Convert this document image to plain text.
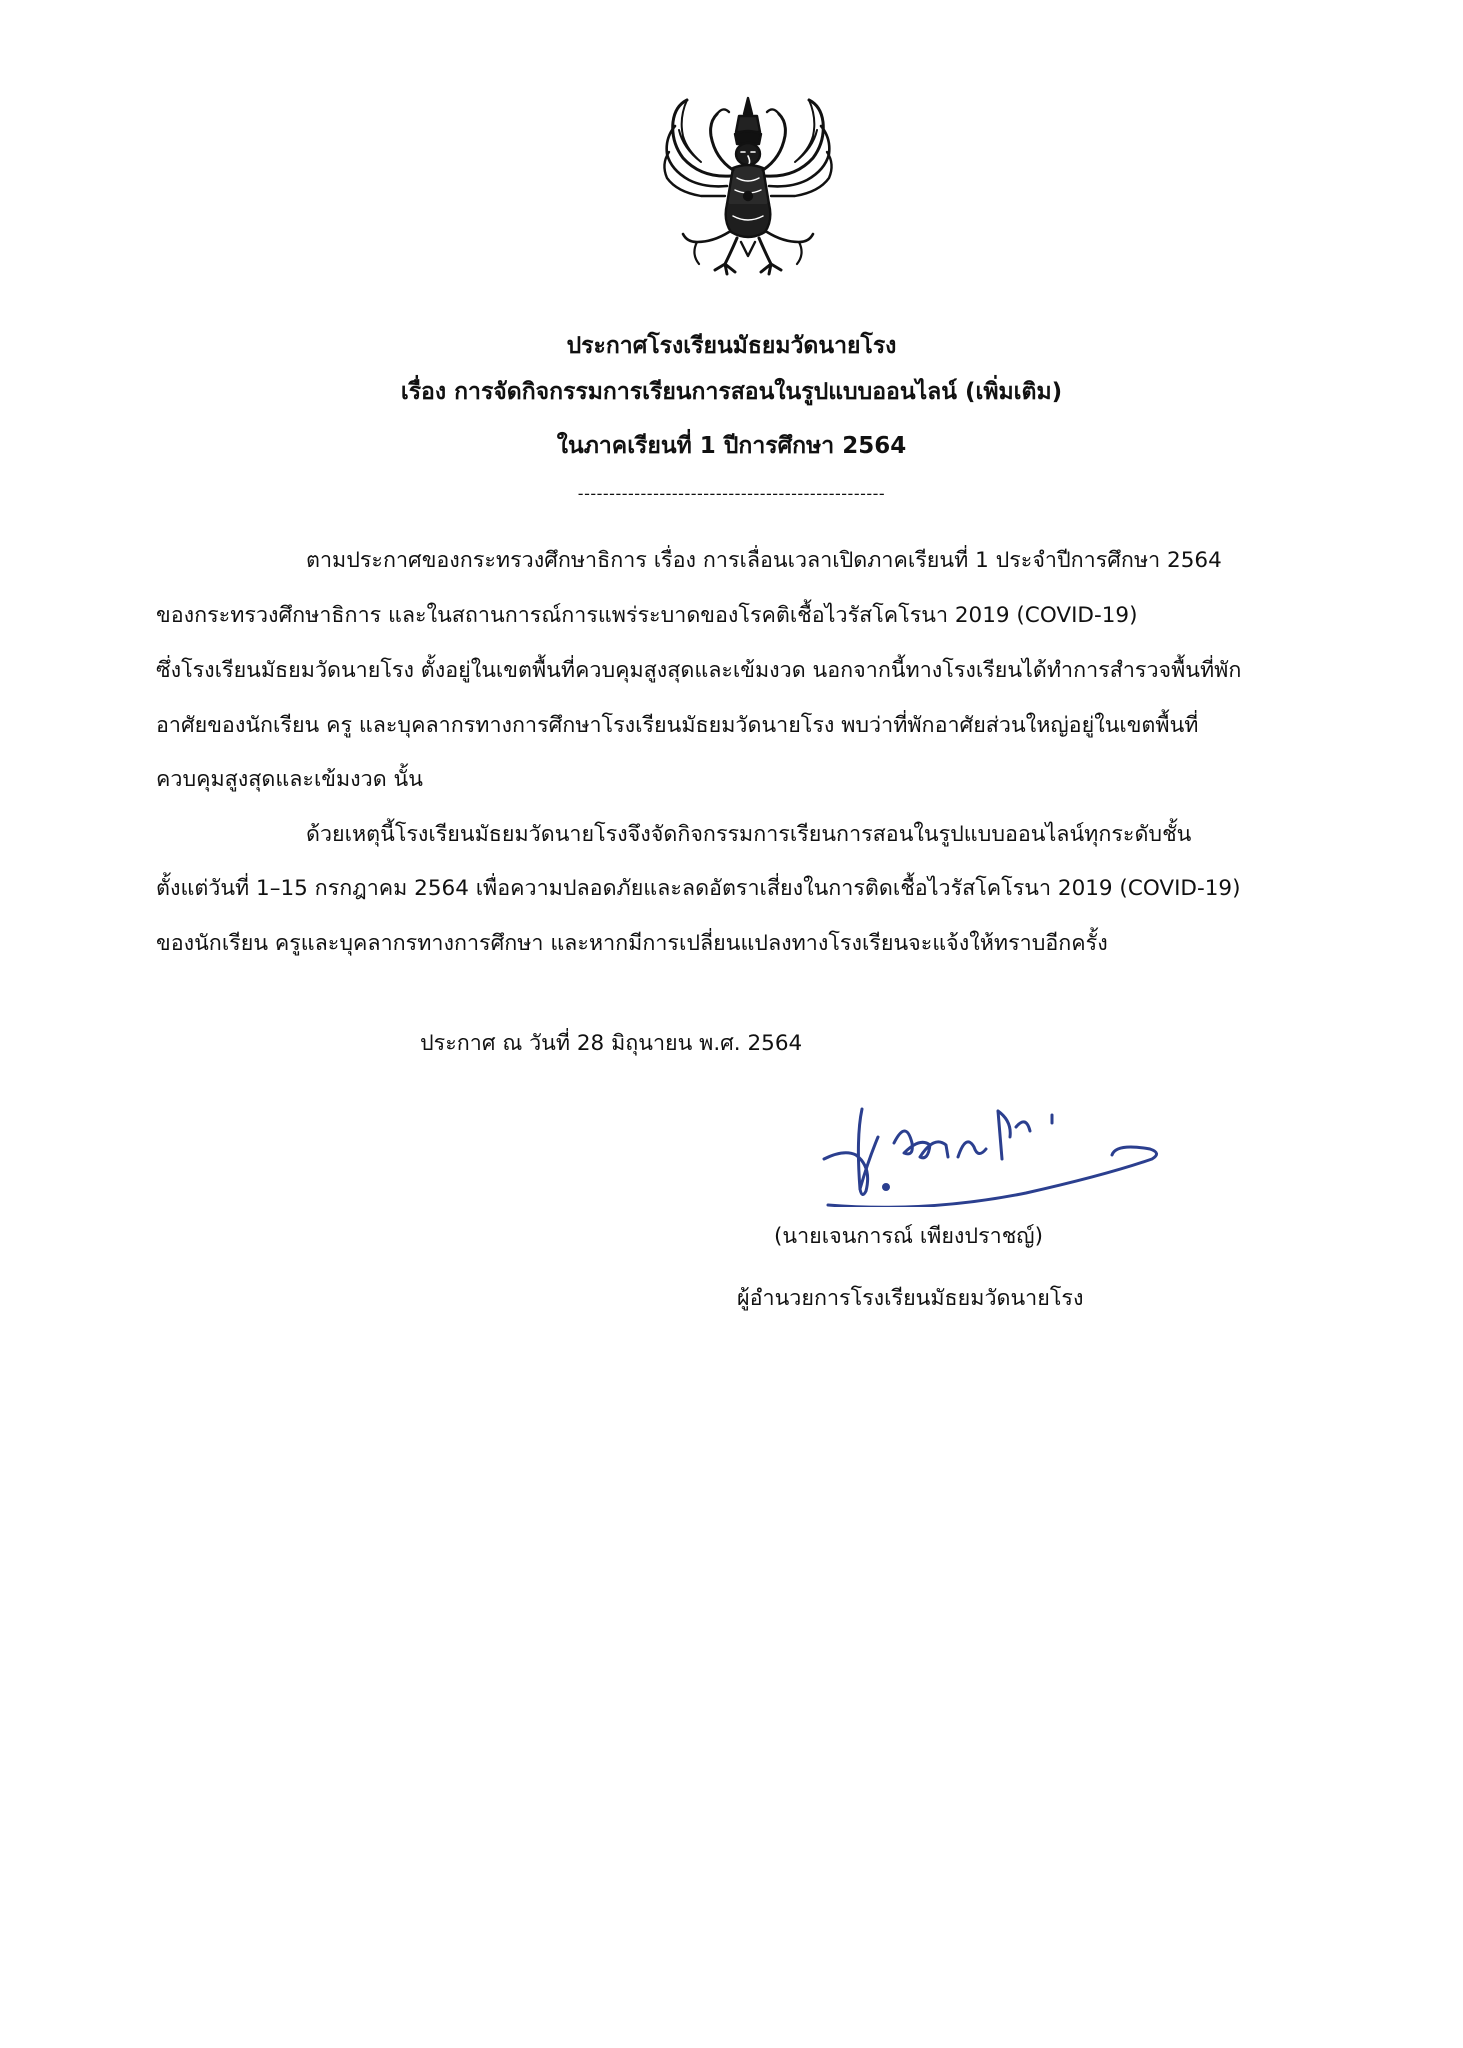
ประกาศโรงเรียนมัธยมวัดนายโรง
เรื่อง การจัดกิจกรรมการเรียนการสอนในรูปแบบออนไลน์ (เพิ่มเติม)
ในภาคเรียนที่ 1 ปีการศึกษา 2564
-------------------------------------------------
ตามประกาศของกระทรวงศึกษาธิการ เรื่อง การเลื่อนเวลาเปิดภาคเรียนที่ 1 ประจำปีการศึกษา 2564
ของกระทรวงศึกษาธิการ และในสถานการณ์การแพร่ระบาดของโรคติเชื้อไวรัสโคโรนา 2019 (COVID-19)
ซึ่งโรงเรียนมัธยมวัดนายโรง ตั้งอยู่ในเขตพื้นที่ควบคุมสูงสุดและเข้มงวด นอกจากนี้ทางโรงเรียนได้ทำการสำรวจพื้นที่พัก
อาศัยของนักเรียน ครู และบุคลากรทางการศึกษาโรงเรียนมัธยมวัดนายโรง พบว่าที่พักอาศัยส่วนใหญ่อยู่ในเขตพื้นที่
ควบคุมสูงสุดและเข้มงวด นั้น
ด้วยเหตุนี้โรงเรียนมัธยมวัดนายโรงจึงจัดกิจกรรมการเรียนการสอนในรูปแบบออนไลน์ทุกระดับชั้น
ตั้งแต่วันที่ 1–15 กรกฎาคม 2564 เพื่อความปลอดภัยและลดอัตราเสี่ยงในการติดเชื้อไวรัสโคโรนา 2019 (COVID-19)
ของนักเรียน ครูและบุคลากรทางการศึกษา และหากมีการเปลี่ยนแปลงทางโรงเรียนจะแจ้งให้ทราบอีกครั้ง
ประกาศ ณ วันที่ 28 มิถุนายน พ.ศ. 2564
(นายเจนการณ์ เพียงปราชญ์)
ผู้อำนวยการโรงเรียนมัธยมวัดนายโรง
